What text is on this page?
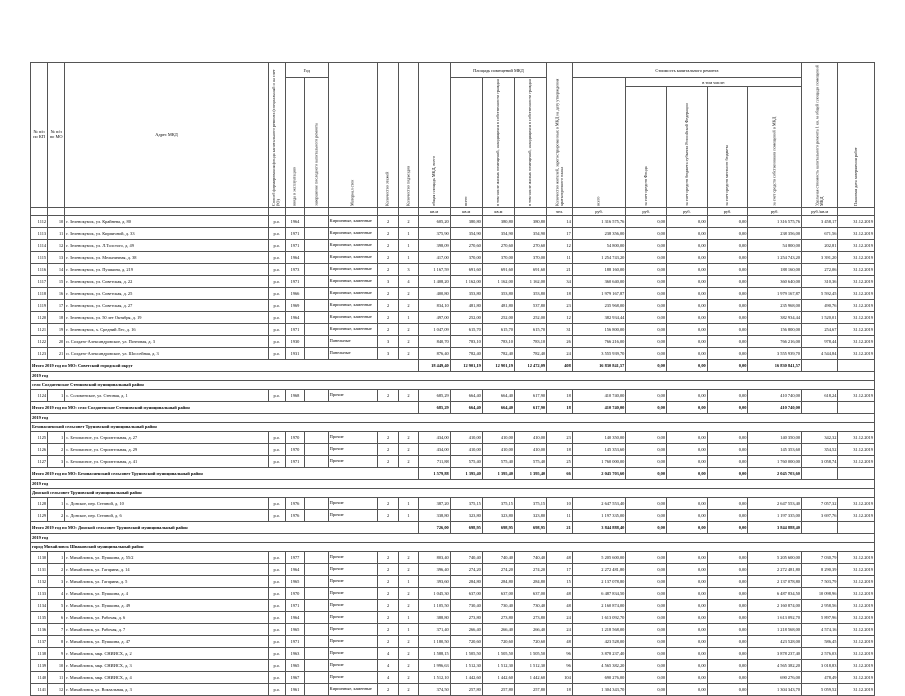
№ п/п по КП	№ п/п по МО	Адрес МКД	Способ формирования фонда капитального ремонта (специальный и на счет РО)	Год		Материал стен	Количество этажей	Количество подъездов	общая площадь МКД, всего	Площадь помещений МКД			Количество жителей, зарегистрированных в МКД на дату утверждения краткосрочного плана	Стоимость капитального ремонта					Удельная стоимость капитального ремонта 1 кв. м общей площади помещений МКД	Плановая дата завершения работ
				ввода в эксплуатацию	завершение последнего капитального ремонта					всего	в том числе жилых помещений, находящихся в собственности граждан	в том числе жилых помещений, находящихся в собственности граждан		всего	в том числе:					
															за счет средств Фонда	за счет средств бюджета субъекта Российской Федерации	за счет средств местного бюджета	за счет средств собственников помещений в МКД		
									кв.м	кв.м	кв.м		чел.	руб.	руб.	руб.	руб.	руб.	руб./кв.м	
1112	10	г. Зеленокумск, ул. Крайнева, д. 80	р.о.	1964		Кирпичные, каменные	2	2	605,20	380,80	380,80	380,80	14	1 316 575,76	0,00	0,00	0,00	1 316 575,76	3 458,17	31.12.2019
1113	11	г. Зеленокумск, ул. Кирпичной, д. 33	р.о.	1971		Кирпичные, каменные	2	1	375,90	354,90	354,90	354,90	17	238 356,00	0,00	0,00	0,00	238 356,00	671,56	31.12.2019
1114	12	г. Зеленокумск, ул. Л.Толстого, д. 49	р.о.	1971		Кирпичные, каменные	2	1	398,09	270,60	270,60	270,60	12	54 800,00	0,00	0,00	0,00	54 800,00	202,81	31.12.2019
1115	13	г. Зеленокумск, ул. Мельничная, д. 38	р.о.	1964		Кирпичные, каменные	2	1	417,00	370,00	370,00	370,00	11	1 254 743,20	0,00	0,00	0,00	1 254 743,20	3 391,20	31.12.2019
1116	14	г. Зеленокумск, ул. Пушкина, д. 219	р.о.	1973		Кирпичные, каменные	2	3	1 167,59	691,60	691,60	691,60	21	188 160,00	0,00	0,00	0,00	188 160,00	272,06	31.12.2019
1117	15	г. Зеленокумск, ул. Советская, д. 22	р.о.	1971		Кирпичные, каменные	3	4	1 408,20	1 162,00	1 162,00	1 162,00	34	360 640,00	0,00	0,00	0,00	360 640,00	310,36	31.12.2019
1118	16	г. Зеленокумск, ул. Советская, д. 25	р.о.	1966		Кирпичные, каменные	2	2	400,80	353,80	353,80	353,80	18	1 979 167,87	0,00	0,00	0,00	1 979 167,87	5 592,45	31.12.2019
1119	17	г. Зеленокумск, ул. Советская, д. 27	р.о.	1969		Кирпичные, каменные	2	2	834,10	481,80	481,80	537,80	23	235 968,00	0,00	0,00	0,00	235 968,00	490,76	31.12.2019
1120	18	г. Зеленокумск, ул. 50 лет Октября, д. 19	р.о.	1964		Кирпичные, каменные	2	1	497,00	252,00	252,00	252,00	12	382 934,44	0,00	0,00	0,00	382 934,44	1 520,01	31.12.2019
1121	19	г. Зеленокумск, х. Средний Лес, д. 16	р.о.	1971		Кирпичные, каменные	2	2	1 047,09	615,70	615,70	615,70	31	156 800,00	0,00	0,00	0,00	156 800,00	254,67	31.12.2019
1122	20	п. Солдато-Александровское, ул. Почтовая, д. 3	р.о.	1930		Панельные	3	2	840,70	783,10	783,10	783,10	26	766 216,00	0,00	0,00	0,00	766 216,00	978,44	31.12.2019
1123	21	п. Солдато-Александровское, ул. Шоссейная, д. 3	р.о.	1931		Панельные	3	2	876,40	782,40	782,40	782,40	24	3 555 939,70	0,00	0,00	0,00	3 555 939,70	4 544,84	31.12.2019
Итого 2019 год по МО: Советский городской округ									18 449,40	12 901,19	12 901,19	12 472,09	408	16 830 841,57	0,00	0,00	0,00	16 830 841,57		
2019 год																				
село Солдатенское Степновский муниципальный район																				
1124	1	с. Соломенское, ул. Степная, д. 1	р.о.	1968		Прочие	2	2	685,29	664,40	664,40	617,90	18	410 740,00	0,00	0,00	0,00	410 740,00	618,24	31.12.2019
Итого 2019 год по МО: село Солдатенское Степновский муниципальный район									685,29	664,40	664,40	617,90	18	410 740,00	0,00	0,00	0,00	410 740,00		
2019 год																				
Безопасненский сельсовет Труновский муниципальный район																				
1125	1	с. Безопасное, ул. Строительная, д. 27	р.о.	1970		Прочие	2	2	434,00	410,00	410,00	410,00	23	140 350,00	0,00	0,00	0,00	140 350,00	342,32	31.12.2019
1126	2	с. Безопасное, ул. Строительная, д. 29	р.о.	1970		Прочие	2	2	434,00	410,00	410,00	410,00	18	145 353,60	0,00	0,00	0,00	145 353,60	354,52	31.12.2019
1127	3	с. Безопасное, ул. Строительная, д. 41	р.о.	1971		Прочие	2	2	711,88	575,40	575,40	575,40	25	1 760 000,00	0,00	0,00	0,00	1 760 000,00	3 058,74	31.12.2019
Итого 2019 год по МО: Безопасненский сельсовет Труновский муниципальный район									1 579,88	1 395,40	1 395,40	1 395,40	66	2 045 703,60	0,00	0,00	0,00	2 045 703,60		
2019 год																				
Донской сельсовет Труновский муниципальный район																				
1128	1	с. Донское, пер. Степной, д. 10	р.о.	1976		Прочие	2	1	387,20	375,15	375,15	375,15	10	2 647 553,40	0,00	0,00	0,00	2 647 553,40	7 057,32	31.12.2019
1129	2	с. Донское, пер. Степной, д. 6	р.о.	1976		Прочие	2	1	338,80	323,80	323,80	323,80	11	1 197 335,00	0,00	0,00	0,00	1 197 335,00	3 697,76	31.12.2019
Итого 2019 год по МО: Донской сельсовет Труновский муниципальный район									726,00	698,95	698,95	698,95	21	3 844 888,40	0,00	0,00	0,00	3 844 888,40		
2019 год																				
город Михайловск Шпаковский муниципальный район																				
1130	1	г. Михайловск, ул. Пушкина, д. 55/2	р.о.	1977		Прочие	2	2	803,40	740,40	740,40	740,40	48	5 205 600,00	0,00	0,00	0,00	5 205 600,00	7 030,79	31.12.2019
1131	2	г. Михайловск, ул. Гагарина, д. 14	р.о.	1964		Прочие	2	2	396,40	274,20	274,20	274,20	17	2 272 481,80	0,00	0,00	0,00	2 272 481,80	8 290,39	31.12.2019
1132	3	г. Михайловск, ул. Гагарина, д. 5	р.о.	1965		Прочие	2	1	393,60	284,80	284,80	284,80	15	2 137 078,80	0,00	0,00	0,00	2 137 078,80	7 503,79	31.12.2019
1133	4	г. Михайловск, ул. Пушкина, д. 4	р.о.	1970		Прочие	2	2	1 045,30	637,00	637,00	637,00	48	6 487 834,50	0,00	0,00	0,00	6 487 834,50	10 098,96	31.12.2019
1134	5	г. Михайловск, ул. Пушкина, д. 49	р.о.	1971		Прочие	2	2	1 105,50	730,40	730,40	730,40	48	2 160 874,00	0,00	0,00	0,00	2 160 874,00	2 958,56	31.12.2019
1135	6	г. Михайловск, ул. Рабочая, д. 6	р.о.	1964		Прочие	2	1	388,80	273,80	273,80	273,80	24	1 613 092,70	0,00	0,00	0,00	1 613 092,70	5 897,96	31.12.2019
1136	7	г. Михайловск, ул. Рабочая, д. 7	р.о.	1965		Прочие	2	1	371,40	266,40	266,40	266,40	24	1 218 568,00	0,00	0,00	0,00	1 218 568,00	4 574,16	31.12.2019
1137	8	г. Михайловск, ул. Пушкина, д. 47	р.о.	1971		Прочие	2	2	1 180,50	720,60	720,60	720,60	48	423 528,00	0,00	0,00	0,00	423 528,00	586,45	31.12.2019
1138	9	г. Михайловск, мкр. СНИИСХ, д. 2	р.о.	1963		Прочие	4	2	1 588,15	1 505,50	1 505,50	1 505,50	96	3 878 237,40	0,00	0,00	0,00	3 878 237,40	2 576,03	31.12.2019
1139	10	г. Михайловск, мкр. СНИИСХ, д. 3	р.о.	1965		Прочие	4	2	1 996,63	1 512,30	1 512,30	1 512,30	96	4 565 382,20	0,00	0,00	0,00	4 565 382,20	3 018,83	31.12.2019
1140	11	г. Михайловск, мкр. СНИИСХ, д. 4	р.о.	1967		Прочие	4	2	1 512,10	1 442,60	1 442,60	1 442,60	104	690 276,00	0,00	0,00	0,00	690 276,00	478,49	31.12.2019
1141	12	г. Михайловск, ул. Вокзальная, д. 3	р.о.	1961		Кирпичные, каменные	2	2	374,50	257,80	257,80	257,80	18	1 304 343,70	0,00	0,00	0,00	1 304 343,70	5 059,52	31.12.2019
